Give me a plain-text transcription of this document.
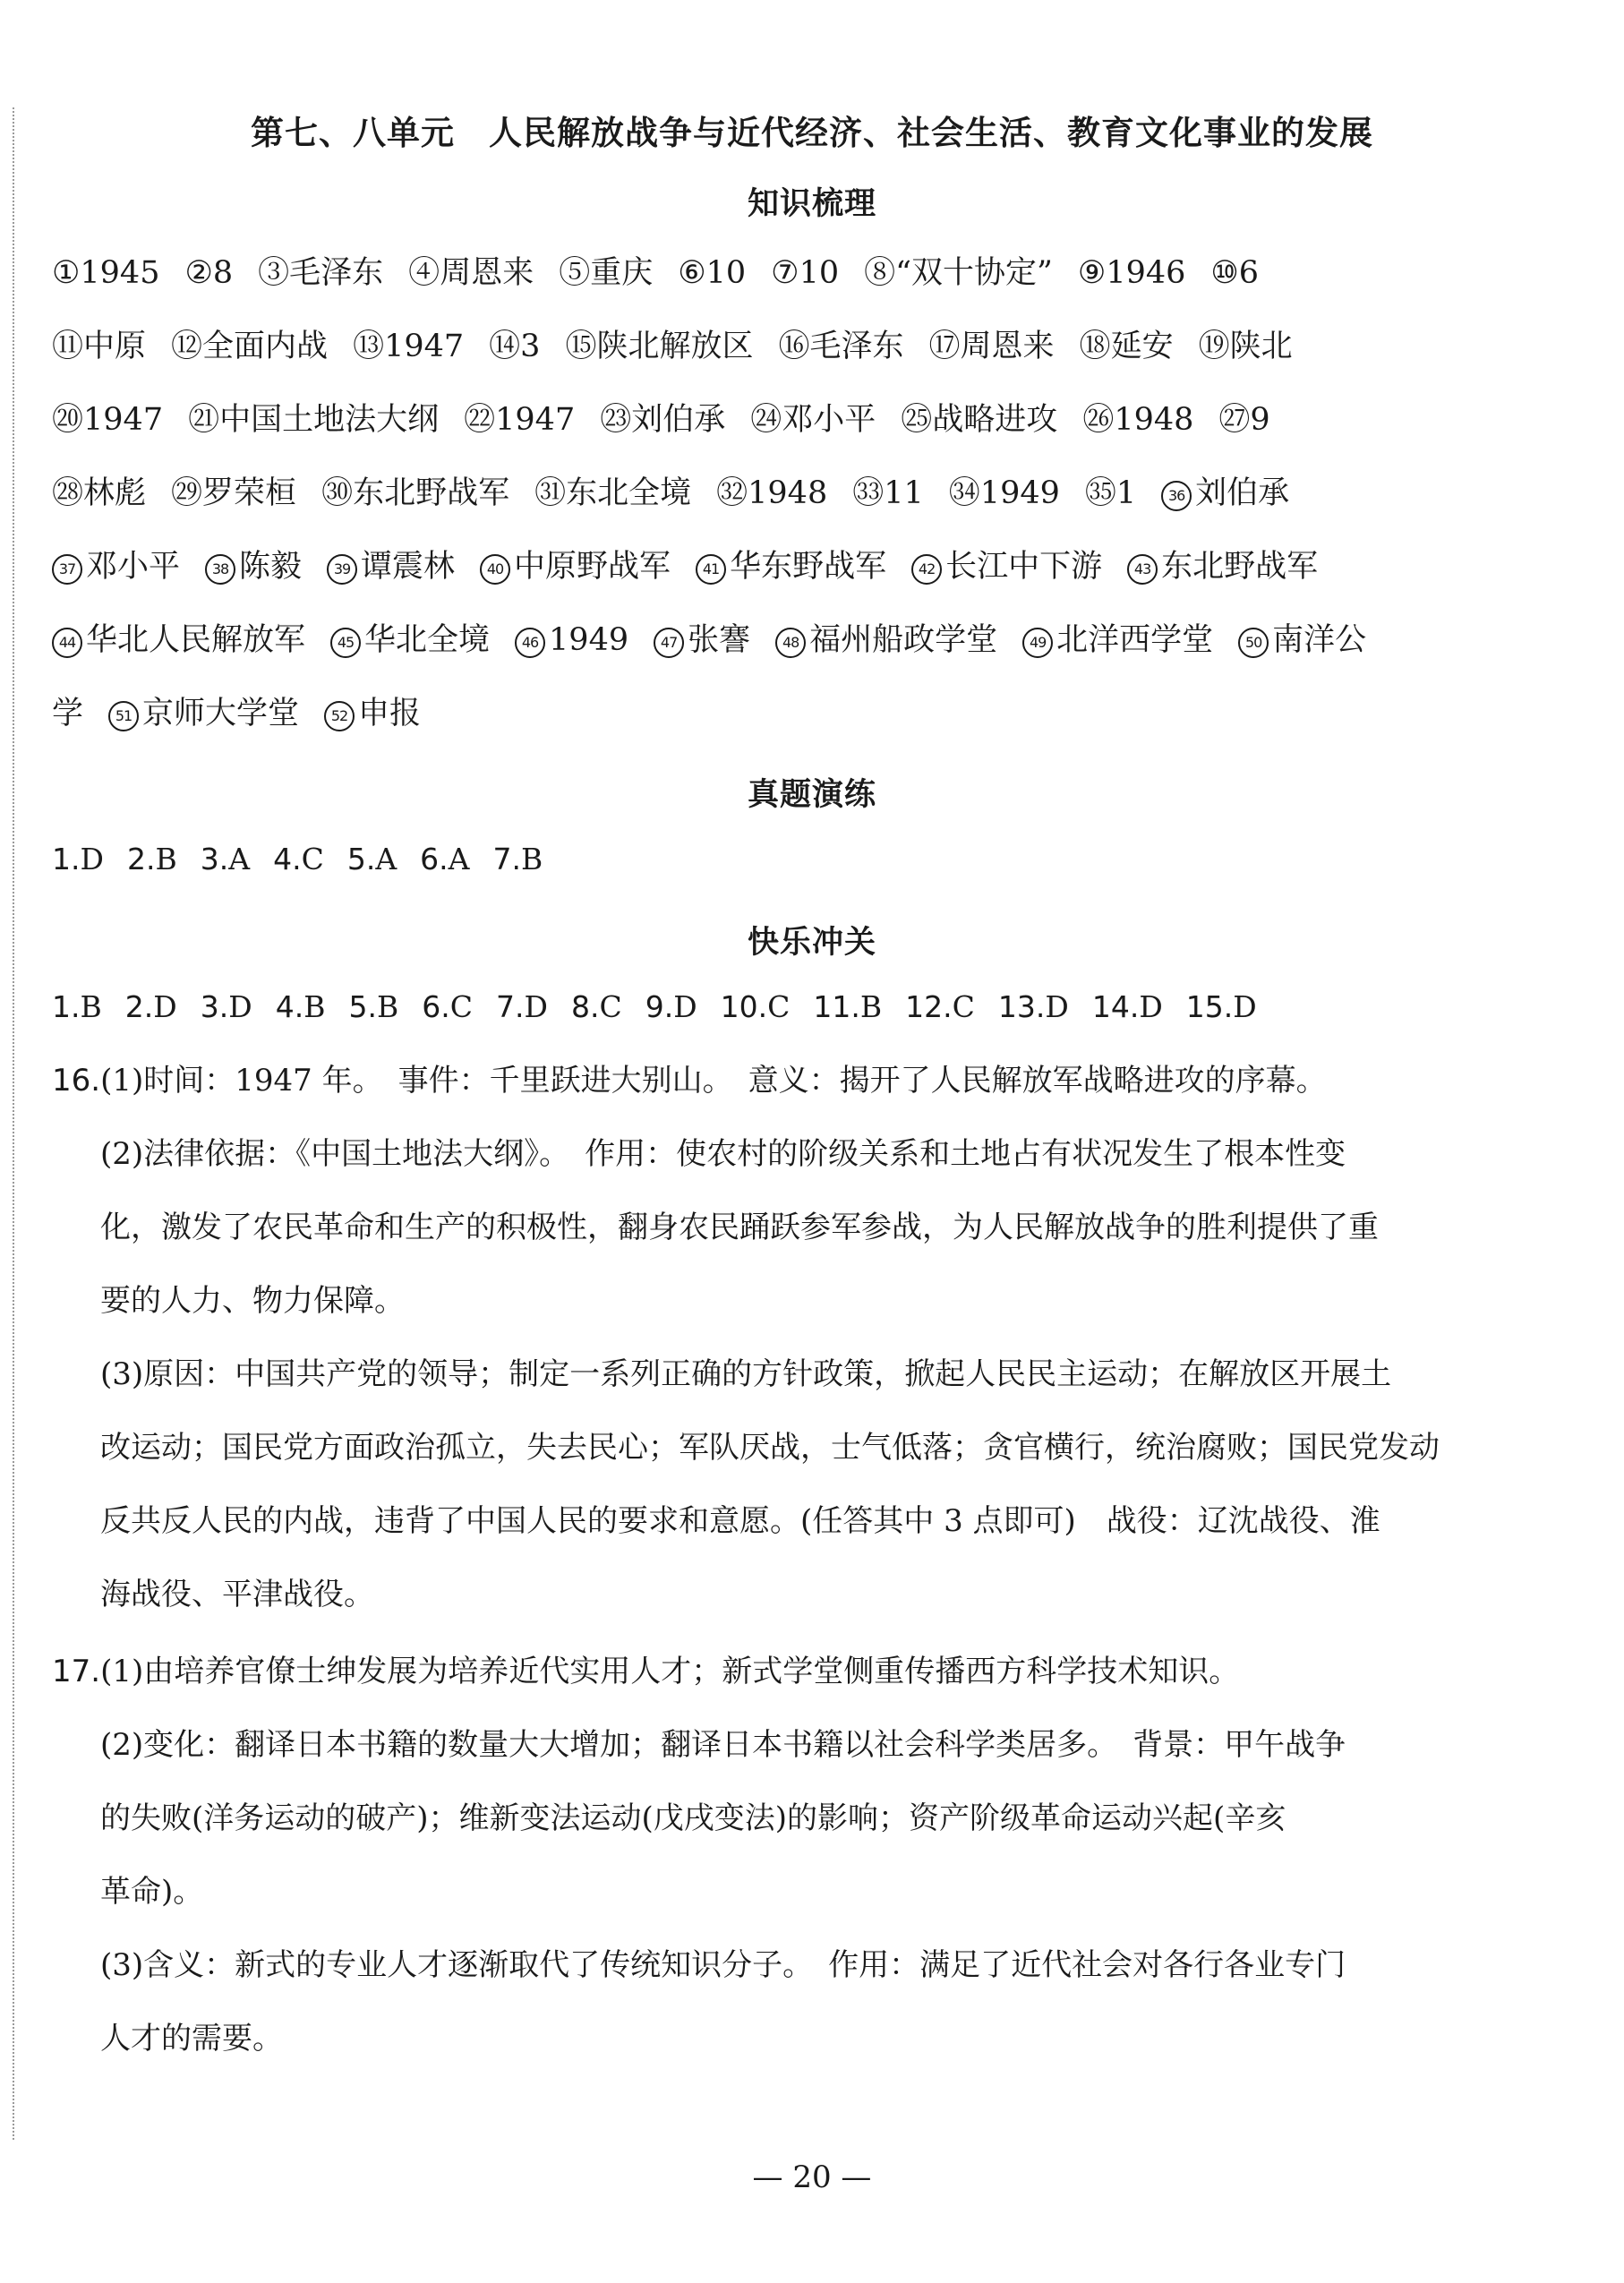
第七、八单元　人民解放战争与近代经济、社会生活、教育文化事业的发展
知识梳理
①1945 ②8 ③毛泽东 ④周恩来 ⑤重庆 ⑥10 ⑦10 ⑧“双十协定” ⑨1946 ⑩6
⑪中原 ⑫全面内战 ⑬1947 ⑭3 ⑮陕北解放区 ⑯毛泽东 ⑰周恩来 ⑱延安 ⑲陕北
⑳1947 ㉑中国土地法大纲 ㉒1947 ㉓刘伯承 ㉔邓小平 ㉕战略进攻 ㉖1948 ㉗9
㉘林彪 ㉙罗荣桓 ㉚东北野战军 ㉛东北全境 ㉜1948 ㉝11 ㉞1949 ㉟1 36 刘伯承
37 邓小平 38 陈毅 39 谭震林 40 中原野战军 41 华东野战军 42 长江中下游 43 东北野战军
44 华北人民解放军 45 华北全境 46 1949 47 张謇 48 福州船政学堂 49 北洋西学堂 50 南洋公
学 51 京师大学堂 52 申报
真题演练
1.D 2.B 3.A 4.C 5.A 6.A 7.B
快乐冲关
1.B 2.D 3.D 4.B 5.B 6.C 7.D 8.C 9.D 10.C 11.B 12.C 13.D 14.D 15.D
16.(1)时间：1947 年。　事件：千里跃进大别山。　意义：揭开了人民解放军战略进攻的序幕。
(2)法律依据：《中国土地法大纲》。　作用：使农村的阶级关系和土地占有状况发生了根本性变
化，激发了农民革命和生产的积极性，翻身农民踊跃参军参战，为人民解放战争的胜利提供了重
要的人力、物力保障。
(3)原因：中国共产党的领导；制定一系列正确的方针政策，掀起人民民主运动；在解放区开展土
改运动；国民党方面政治孤立，失去民心；军队厌战，士气低落；贪官横行，统治腐败；国民党发动
反共反人民的内战，违背了中国人民的要求和意愿。(任答其中 3 点即可)　战役：辽沈战役、淮
海战役、平津战役。
17.(1)由培养官僚士绅发展为培养近代实用人才；新式学堂侧重传播西方科学技术知识。
(2)变化：翻译日本书籍的数量大大增加；翻译日本书籍以社会科学类居多。　背景：甲午战争
的失败(洋务运动的破产)；维新变法运动(戊戌变法)的影响；资产阶级革命运动兴起(辛亥
革命)。
(3)含义：新式的专业人才逐渐取代了传统知识分子。　作用：满足了近代社会对各行各业专门
人才的需要。
— 20 —
